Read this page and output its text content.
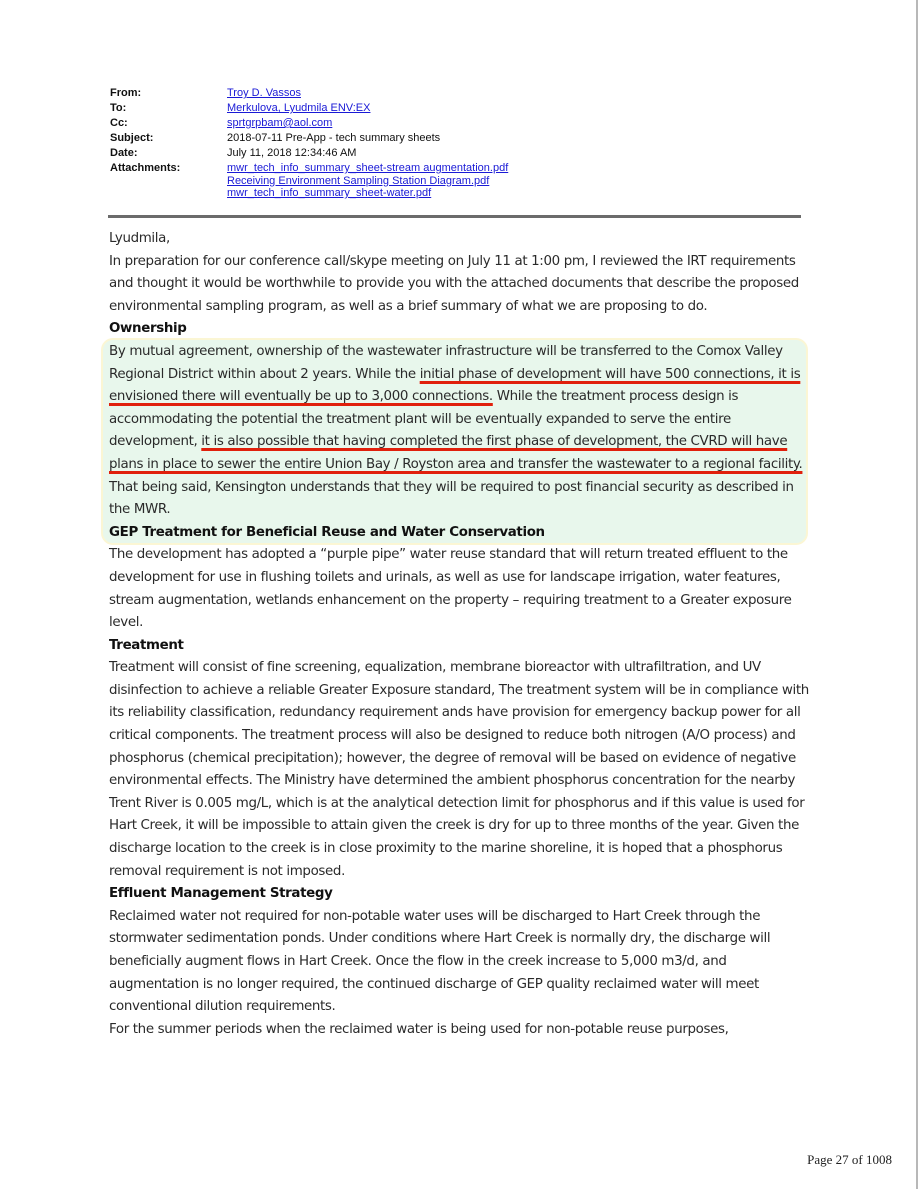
From:	Troy D. Vassos
To:	Merkulova, Lyudmila ENV:EX
Cc:	sprtgrpbam@aol.com
Subject:	2018-07-11 Pre-App - tech summary sheets
Date:	July 11, 2018 12:34:46 AM
Attachments:	mwr_tech_info_summary_sheet-stream augmentation.pdf
Receiving Environment Sampling Station Diagram.pdf
mwr_tech_info_summary_sheet-water.pdf

Lyudmila,

In preparation for our conference call/skype meeting on July 11 at 1:00 pm, I reviewed the IRT requirements and thought it would be worthwhile to provide you with the attached documents that describe the proposed environmental sampling program, as well as a brief summary of what we are proposing to do.

Ownership

By mutual agreement, ownership of the wastewater infrastructure will be transferred to the Comox Valley Regional District within about 2 years. While the initial phase of development will have 500 connections, it is envisioned there will eventually be up to 3,000 connections. While the treatment process design is accommodating the potential the treatment plant will be eventually expanded to serve the entire development, it is also possible that having completed the first phase of development, the CVRD will have plans in place to sewer the entire Union Bay / Royston area and transfer the wastewater to a regional facility. That being said, Kensington understands that they will be required to post financial security as described in the MWR.

GEP Treatment for Beneficial Reuse and Water Conservation

The development has adopted a “purple pipe” water reuse standard that will return treated effluent to the development for use in flushing toilets and urinals, as well as use for landscape irrigation, water features, stream augmentation, wetlands enhancement on the property – requiring treatment to a Greater exposure level.

Treatment

Treatment will consist of fine screening, equalization, membrane bioreactor with ultrafiltration, and UV disinfection to achieve a reliable Greater Exposure standard, The treatment system will be in compliance with its reliability classification, redundancy requirement ands have provision for emergency backup power for all critical components. The treatment process will also be designed to reduce both nitrogen (A/O process) and phosphorus (chemical precipitation); however, the degree of removal will be based on evidence of negative environmental effects. The Ministry have determined the ambient phosphorus concentration for the nearby Trent River is 0.005 mg/L, which is at the analytical detection limit for phosphorus and if this value is used for Hart Creek, it will be impossible to attain given the creek is dry for up to three months of the year. Given the discharge location to the creek is in close proximity to the marine shoreline, it is hoped that a phosphorus removal requirement is not imposed.

Effluent Management Strategy

Reclaimed water not required for non-potable water uses will be discharged to Hart Creek through the stormwater sedimentation ponds. Under conditions where Hart Creek is normally dry, the discharge will beneficially augment flows in Hart Creek. Once the flow in the creek increase to 5,000 m3/d, and augmentation is no longer required, the continued discharge of GEP quality reclaimed water will meet conventional dilution requirements.

For the summer periods when the reclaimed water is being used for non-potable reuse purposes,

Page 27 of 1008
